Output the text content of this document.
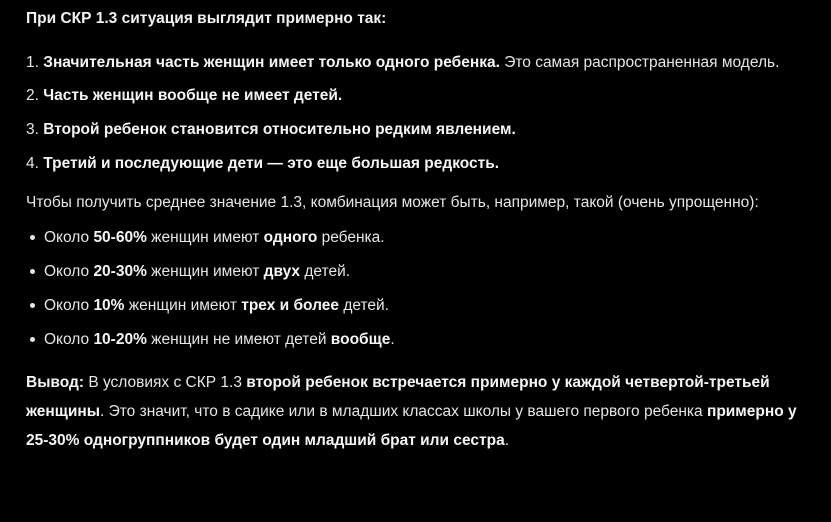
При СКР 1.3 ситуация выглядит примерно так:

1. Значительная часть женщин имеет только одного ребенка. Это самая распространенная модель.
2. Часть женщин вообще не имеет детей.
3. Второй ребенок становится относительно редким явлением.
4. Третий и последующие дети — это еще большая редкость.

Чтобы получить среднее значение 1.3, комбинация может быть, например, такой (очень упрощенно):

Около 50-60% женщин имеют одного ребенка.
Около 20-30% женщин имеют двух детей.
Около 10% женщин имеют трех и более детей.
Около 10-20% женщин не имеют детей вообще.

Вывод: В условиях с СКР 1.3 второй ребенок встречается примерно у каждой четвертой-третьей женщины. Это значит, что в садике или в младших классах школы у вашего первого ребенка примерно у 25-30% одногруппников будет один младший брат или сестра.
